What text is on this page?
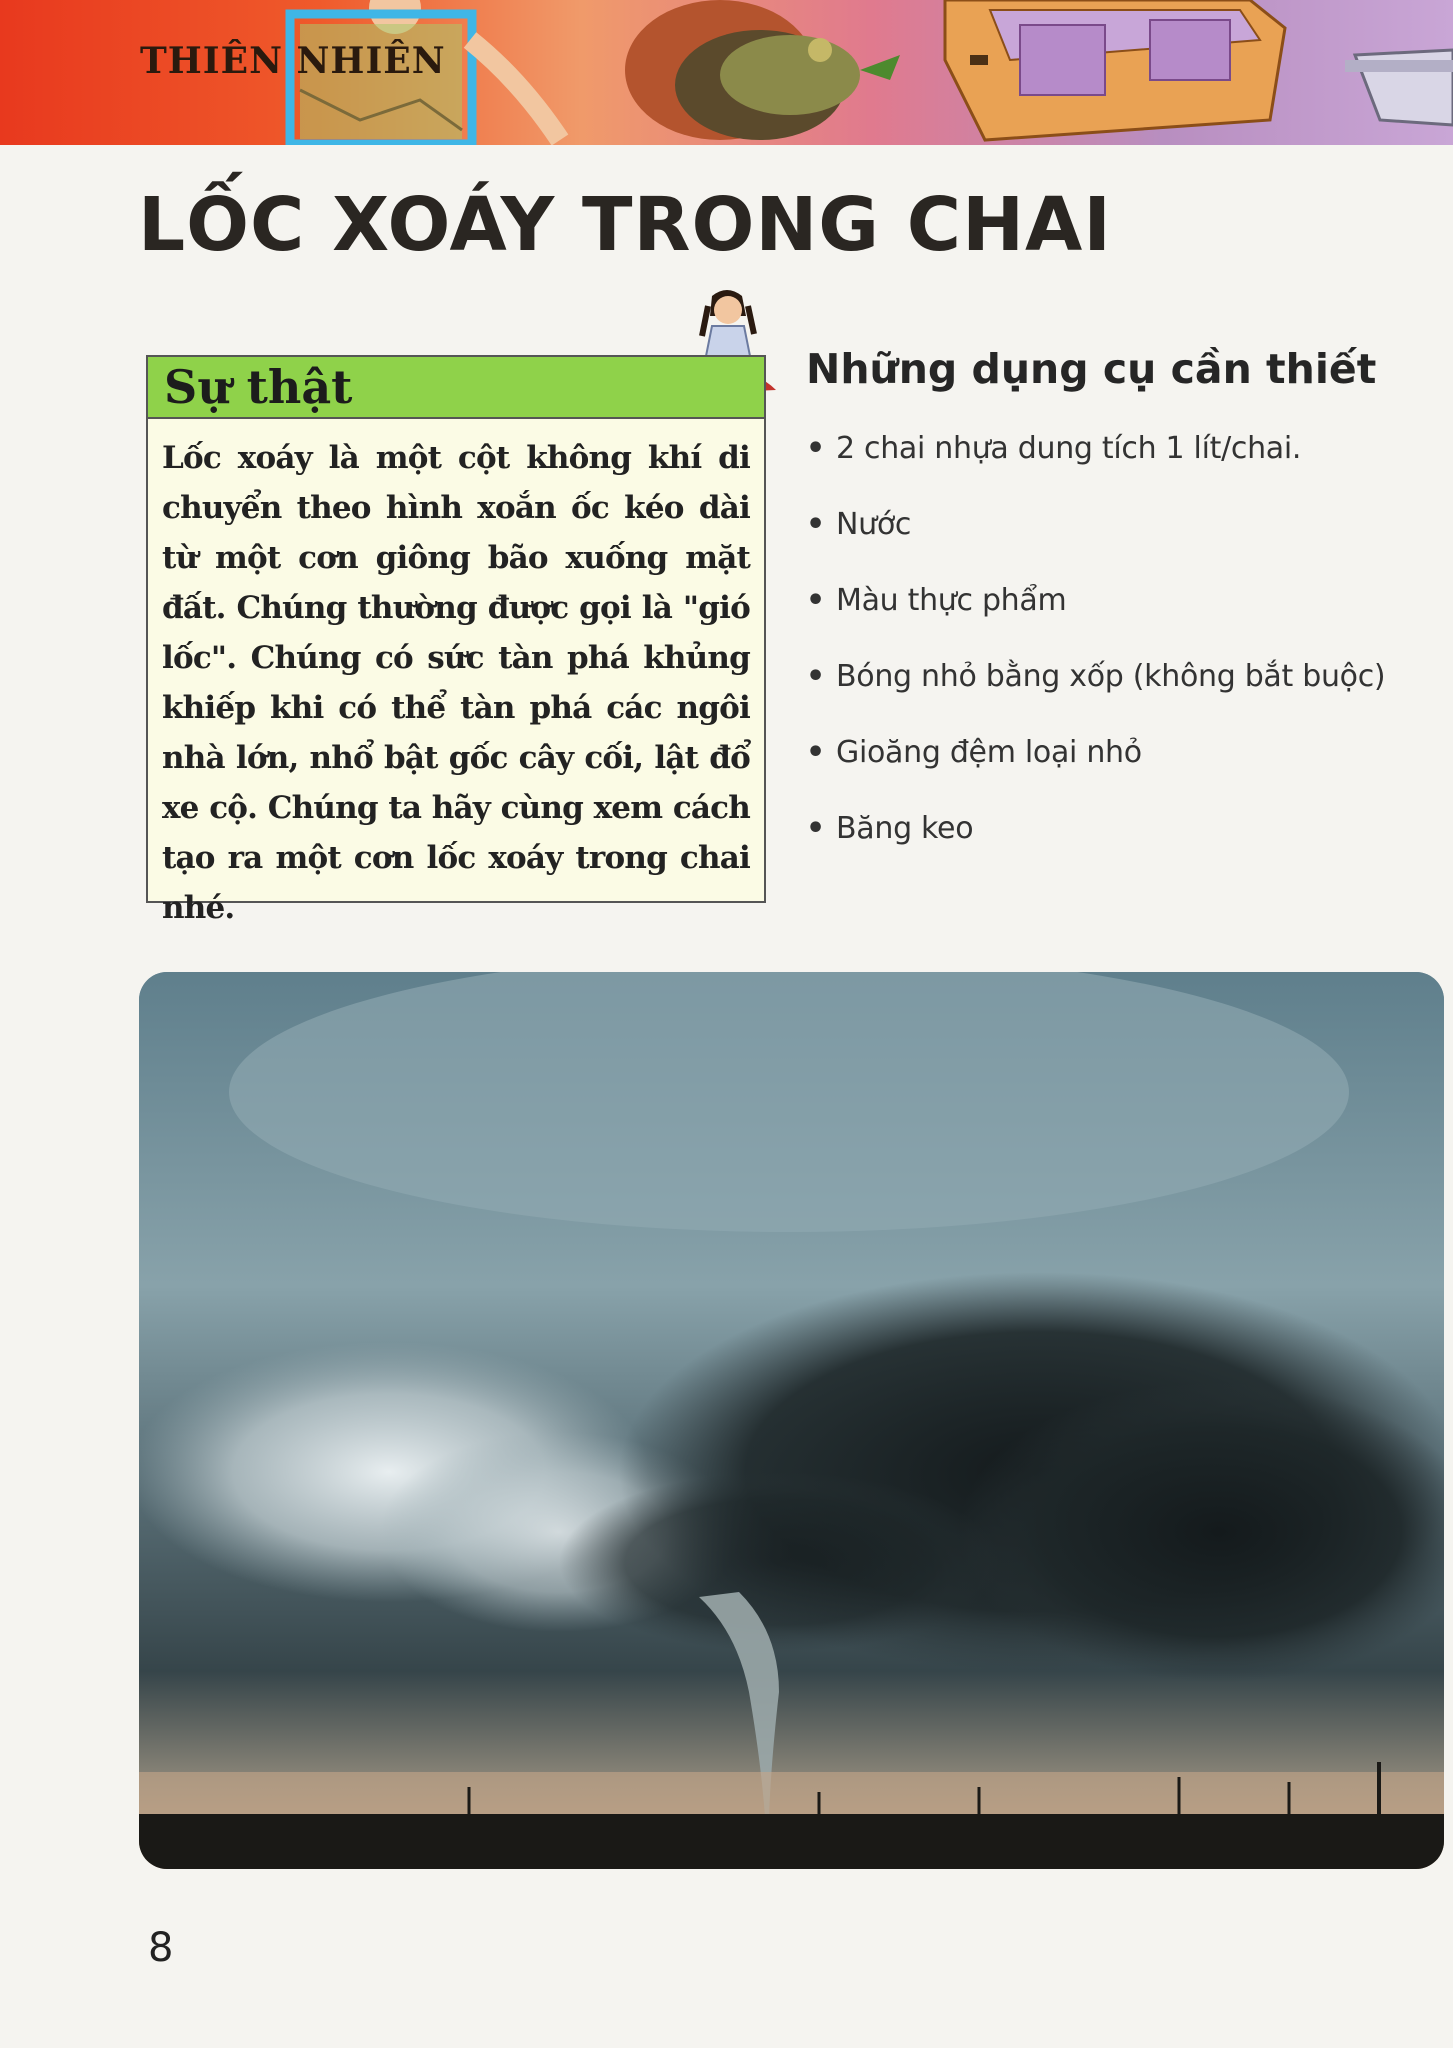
THIÊN NHIÊN
LỐC XOÁY TRONG CHAI
Sự thật

Lốc xoáy là một cột không khí di chuyển theo hình xoắn ốc kéo dài từ một cơn giông bão xuống mặt đất. Chúng thường được gọi là "gió lốc". Chúng có sức tàn phá khủng khiếp khi có thể tàn phá các ngôi nhà lớn, nhổ bật gốc cây cối, lật đổ xe cộ. Chúng ta hãy cùng xem cách tạo ra một cơn lốc xoáy trong chai nhé.

Những dụng cụ cần thiết
• 2 chai nhựa dung tích 1 lít/chai.
• Nước
• Màu thực phẩm
• Bóng nhỏ bằng xốp (không bắt buộc)
• Gioăng đệm loại nhỏ
• Băng keo
8
